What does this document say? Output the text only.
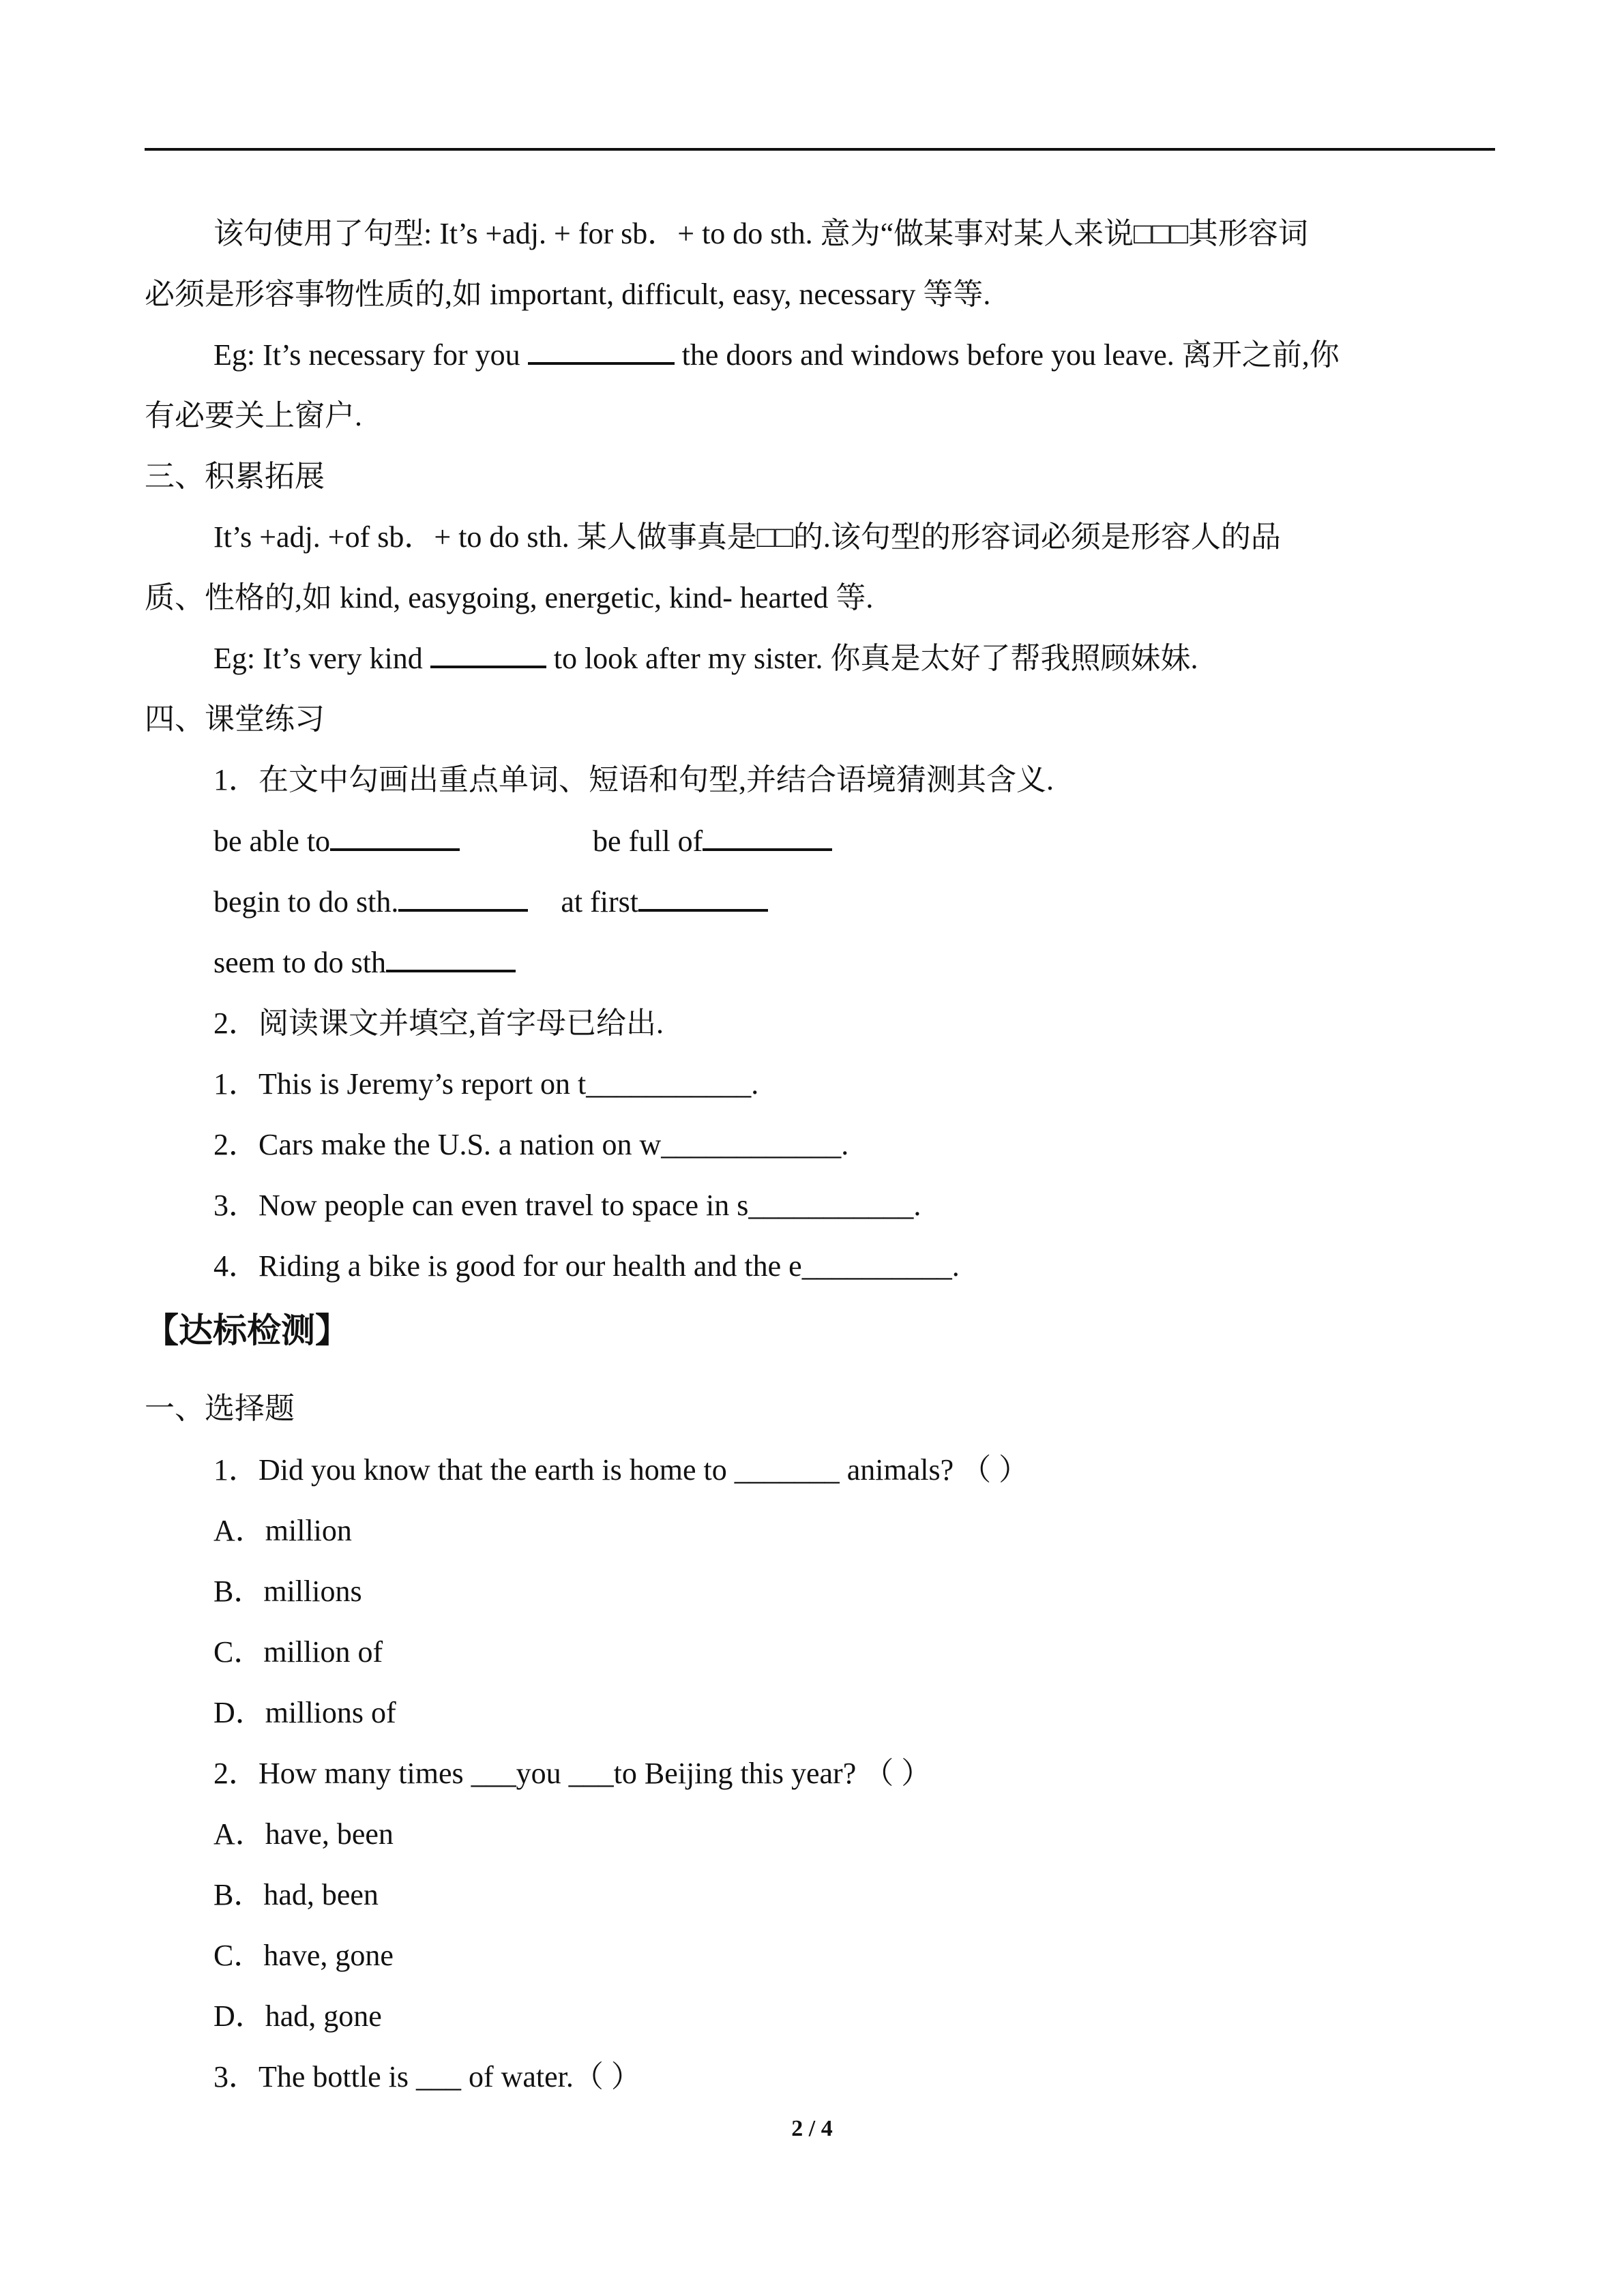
该句使用了句型: It’s +adj. + for sb．+ to do sth. 意为“做某事对某人来说□□□其形容词
必须是形容事物性质的,如 important, difficult, easy, necessary 等等.
Eg: It’s necessary for you	the doors and windows before you leave. 离开之前,你
有必要关上窗户.
三、积累拓展
It’s +adj. +of sb．+ to do sth. 某人做事真是□□的.该句型的形容词必须是形容人的品
质、性格的,如 kind, easygoing, energetic, kind- hearted 等.
Eg: It’s very kind	to look after my sister. 你真是太好了帮我照顾妹妹.
四、课堂练习
1．在文中勾画出重点单词、短语和句型,并结合语境猜测其含义.
be able to	be full of
begin to do sth.	at first
seem to do sth
2．阅读课文并填空,首字母已给出.
1．This is Jeremy’s report on t___________.
2．Cars make the U.S. a nation on w____________.
3．Now people can even travel to space in s___________.
4．Riding a bike is good for our health and the e__________.
【达标检测】
一、选择题
1．Did you know that the earth is home to _______ animals? （ ）
A．million
B．millions
C．million of
D．millions of
2．How many times ___you ___to Beijing this year? （ ）
A．have, been
B．had, been
C．have, gone
D．had, gone
3．The bottle is ___ of water.（ ）
2 / 4
